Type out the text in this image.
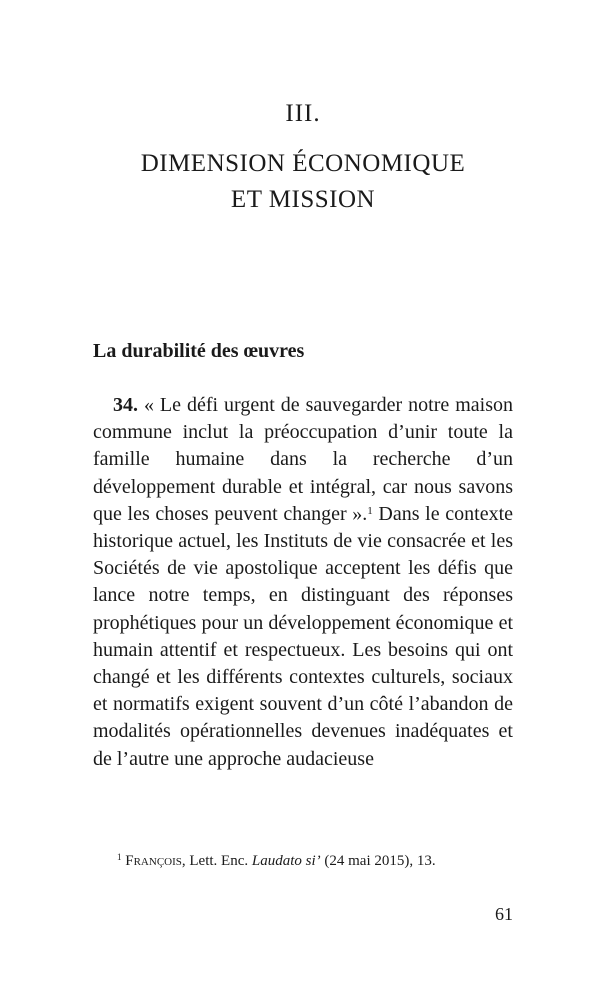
III.
DIMENSION ÉCONOMIQUE
ET MISSION
La durabilité des œuvres
 34. « Le défi urgent de sauvegarder notre maison commune inclut la préoccupation d’unir toute la famille humaine dans la recherche d’un développement durable et intégral, car nous savons que les choses peuvent changer ».$^1$ Dans le contexte historique actuel, les Instituts de vie consacrée et les Sociétés de vie apostolique acceptent les défis que lance notre temps, en distinguant des réponses prophétiques pour un développement économique et humain attentif et respectueux. Les besoins qui ont changé et les différents contextes culturels, sociaux et normatifs exigent souvent d’un côté l’abandon de modalités opérationnelles devenues inadéquates et de l’autre une approche audacieuse
$^1$ François, Lett. Enc. Laudato si’ (24 mai 2015), 13.
61
